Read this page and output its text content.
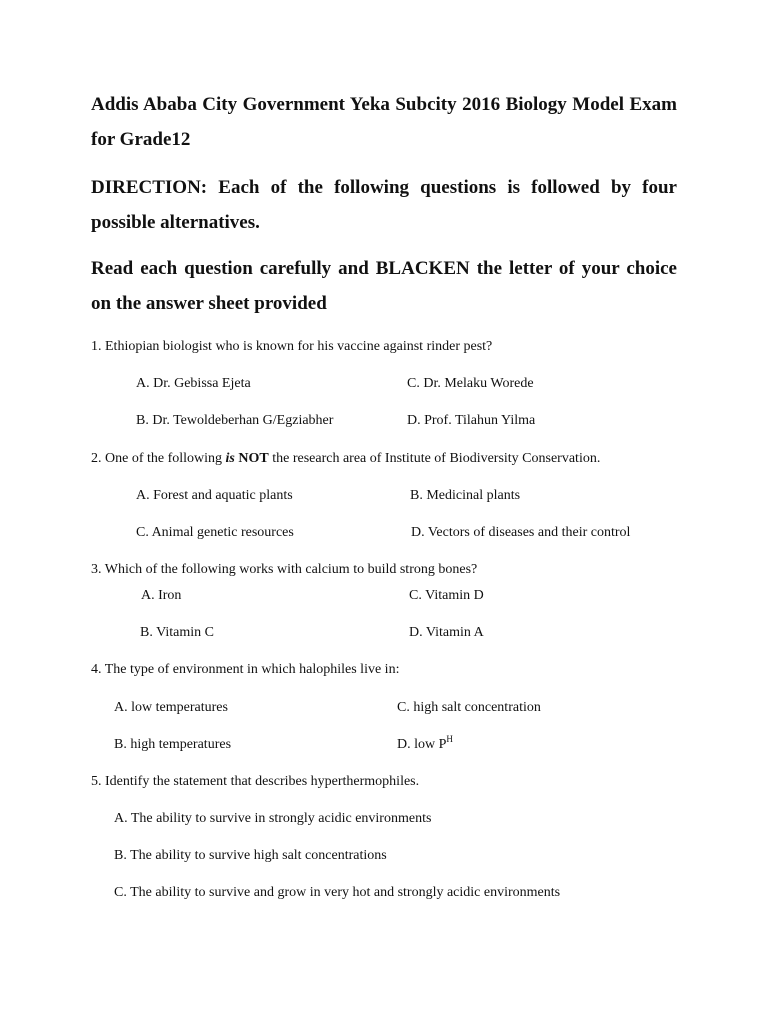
Addis Ababa City Government Yeka Subcity 2016 Biology Model Exam for Grade12

DIRECTION: Each of the following questions is followed by four possible alternatives.

Read each question carefully and BLACKEN the letter of your choice on the answer sheet provided

1. Ethiopian biologist who is known for his vaccine against rinder pest?

A. Dr. Gebissa Ejeta	C. Dr. Melaku Worede
B. Dr. Tewoldeberhan G/Egziabher	D. Prof. Tilahun Yilma

2. One of the following is NOT the research area of Institute of Biodiversity Conservation.

A. Forest and aquatic plants	B. Medicinal plants
C. Animal genetic resources	D. Vectors of diseases and their control

3. Which of the following works with calcium to build strong bones?

A. Iron	C. Vitamin D
B. Vitamin C	D. Vitamin A

4. The type of environment in which halophiles live in:

A. low temperatures	C. high salt concentration
B. high temperatures	D. low $P^H$

5. Identify the statement that describes hyperthermophiles.

A. The ability to survive in strongly acidic environments
B. The ability to survive high salt concentrations
C. The ability to survive and grow in very hot and strongly acidic environments
